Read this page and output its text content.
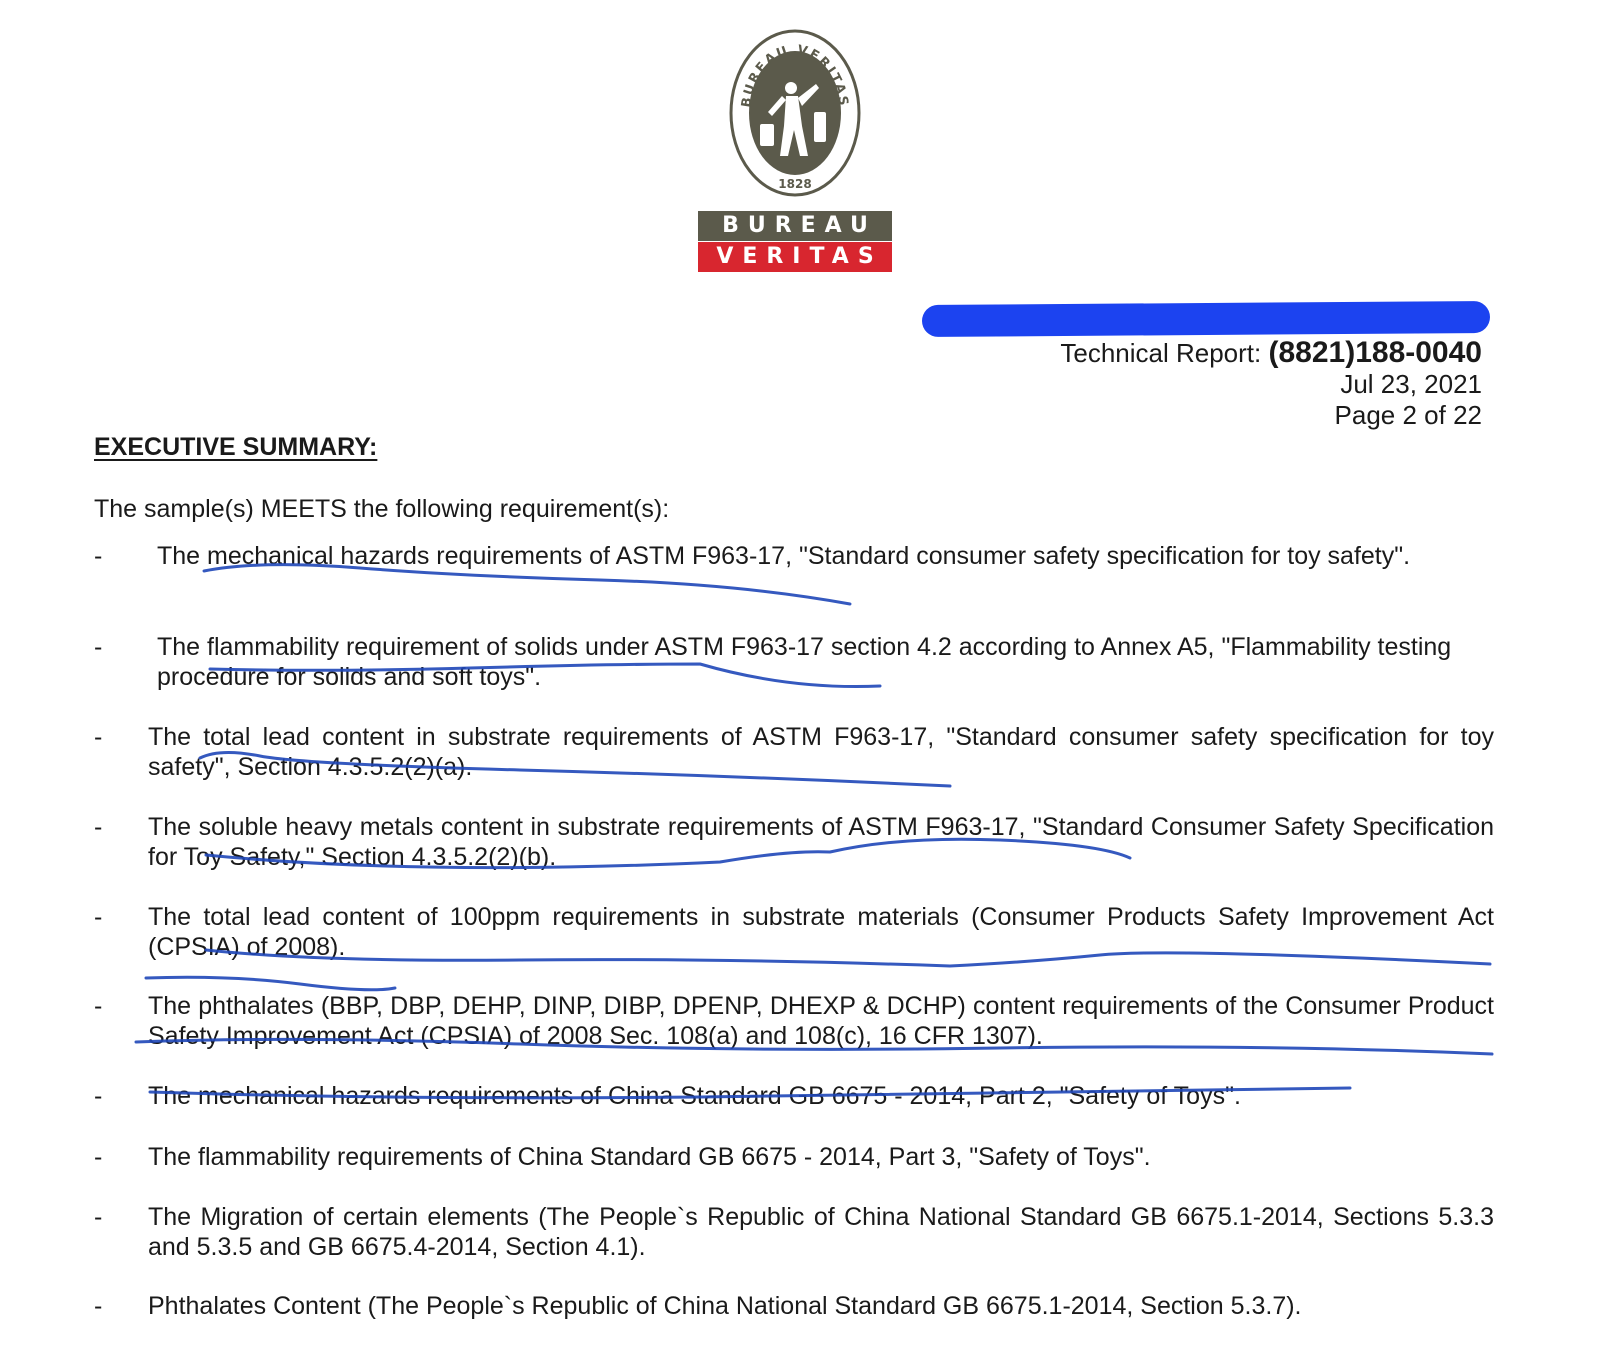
BUREAU VERITAS
1828
BUREAU
VERITAS
Technical Report: (8821)188-0040
Jul 23, 2021
Page 2 of 22
EXECUTIVE SUMMARY:
The sample(s) MEETS the following requirement(s):
- The mechanical hazards requirements of ASTM F963-17, "Standard consumer safety specification for toy safety".
- The flammability requirement of solids under ASTM F963-17 section 4.2 according to Annex A5, "Flammability testing procedure for solids and soft toys".
- The total lead content in substrate requirements of ASTM F963-17, "Standard consumer safety specification for toy safety", Section 4.3.5.2(2)(a).
- The soluble heavy metals content in substrate requirements of ASTM F963-17, "Standard Consumer Safety Specification for Toy Safety," Section 4.3.5.2(2)(b).
- The total lead content of 100ppm requirements in substrate materials (Consumer Products Safety Improvement Act (CPSIA) of 2008).
- The phthalates (BBP, DBP, DEHP, DINP, DIBP, DPENP, DHEXP & DCHP) content requirements of the Consumer Product Safety Improvement Act (CPSIA) of 2008 Sec. 108(a) and 108(c), 16 CFR 1307).
- The mechanical hazards requirements of China Standard GB 6675 - 2014, Part 2, "Safety of Toys".
- The flammability requirements of China Standard GB 6675 - 2014, Part 3, "Safety of Toys".
- The Migration of certain elements (The People`s Republic of China National Standard GB 6675.1-2014, Sections 5.3.3 and 5.3.5 and GB 6675.4-2014, Section 4.1).
- Phthalates Content (The People`s Republic of China National Standard GB 6675.1-2014, Section 5.3.7).
